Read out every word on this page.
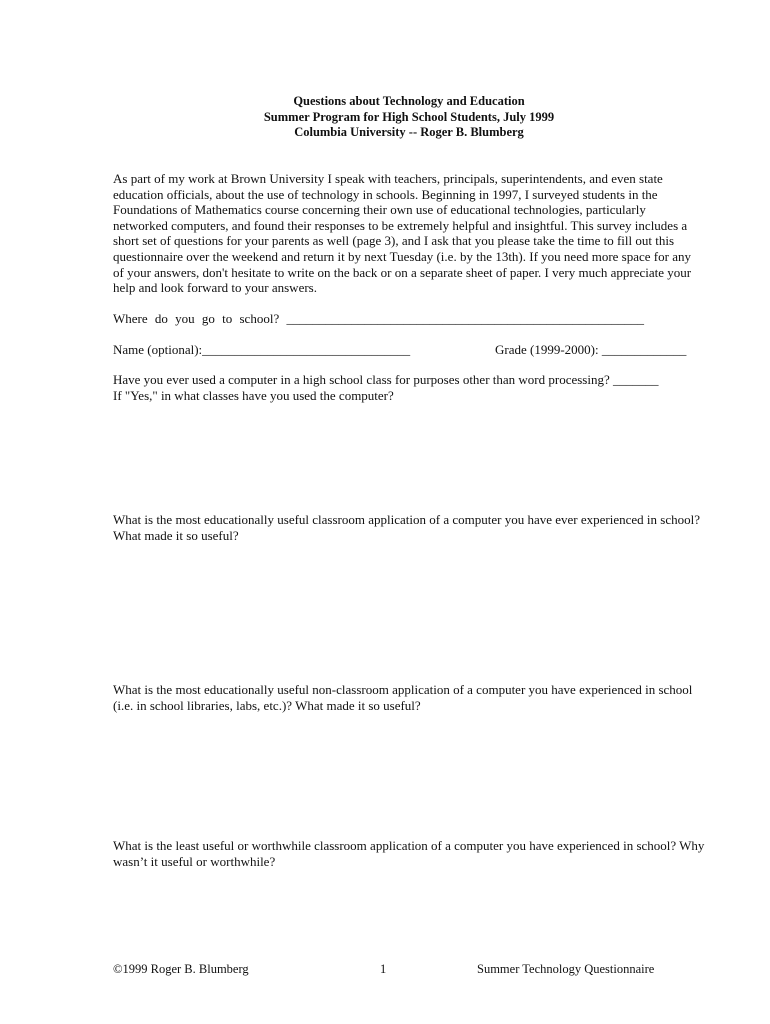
Questions about Technology and Education
Summer Program for High School Students, July 1999
Columbia University -- Roger B. Blumberg
As part of my work at Brown University I speak with teachers, principals, superintendents, and even state education officials, about the use of technology in schools. Beginning in 1997, I surveyed students in the Foundations of Mathematics course concerning their own use of educational technologies, particularly networked computers, and found their responses to be extremely helpful and insightful. This survey includes a short set of questions for your parents as well (page 3), and I ask that you please take the time to fill out this questionnaire over the weekend and return it by next Tuesday (i.e. by the 13th). If you need more space for any of your answers, don't hesitate to write on the back or on a separate sheet of paper. I very much appreciate your help and look forward to your answers.
Where do you go to school? _______________________________________________________
Name (optional):________________________________	Grade (1999-2000): _____________
Have you ever used a computer in a high school class for purposes other than word processing? _______
If "Yes," in what classes have you used the computer?
What is the most educationally useful classroom application of a computer you have ever experienced in school? What made it so useful?
What is the most educationally useful non-classroom application of a computer you have experienced in school (i.e. in school libraries, labs, etc.)? What made it so useful?
What is the least useful or worthwhile classroom application of a computer you have experienced in school? Why wasn’t it useful or worthwhile?
©1999 Roger B. Blumberg	1	Summer Technology Questionnaire
